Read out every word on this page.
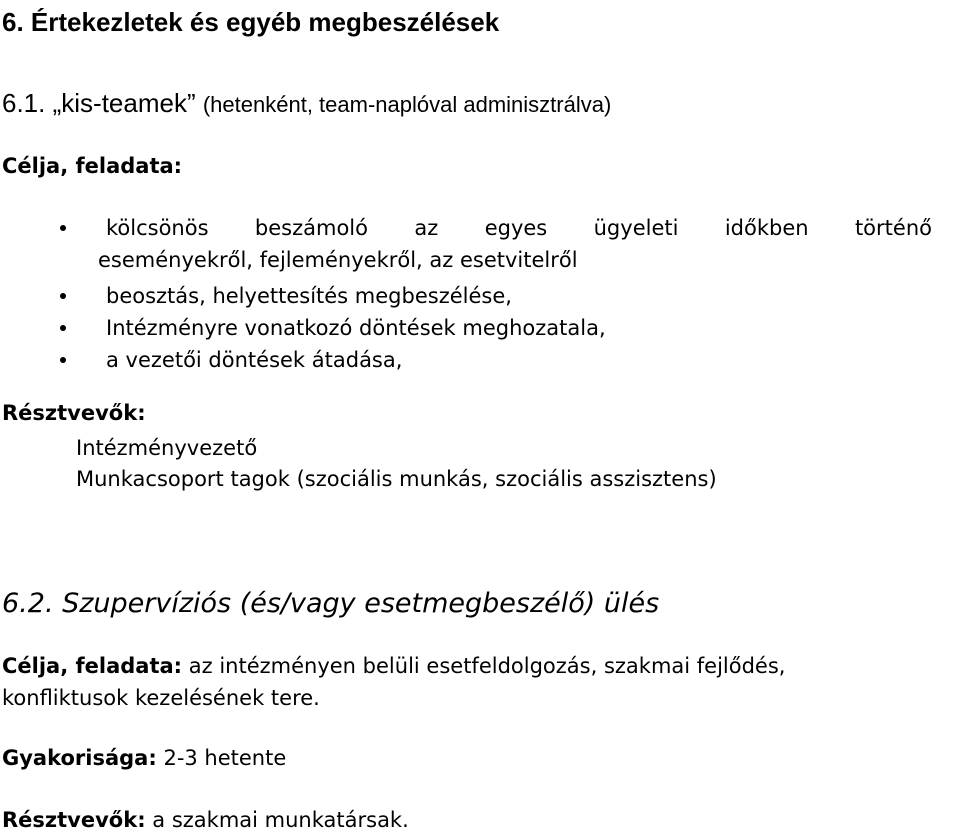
6. Értekezletek és egyéb megbeszélések
6.1. „kis-teamek” (hetenként, team-naplóval adminisztrálva)
Célja, feladata:
kölcsönös beszámoló az egyes ügyeleti időkben történő
eseményekről, fejleményekről, az esetvitelről
beosztás, helyettesítés megbeszélése,
Intézményre vonatkozó döntések meghozatala,
a vezetői döntések átadása,
Résztvevők:
Intézményvezető
Munkacsoport tagok (szociális munkás, szociális asszisztens)
6.2. Szupervíziós (és/vagy esetmegbeszélő) ülés
Célja, feladata: az intézményen belüli esetfeldolgozás, szakmai fejlődés,
konfliktusok kezelésének tere.
Gyakorisága: 2-3 hetente
Résztvevők: a szakmai munkatársak.
